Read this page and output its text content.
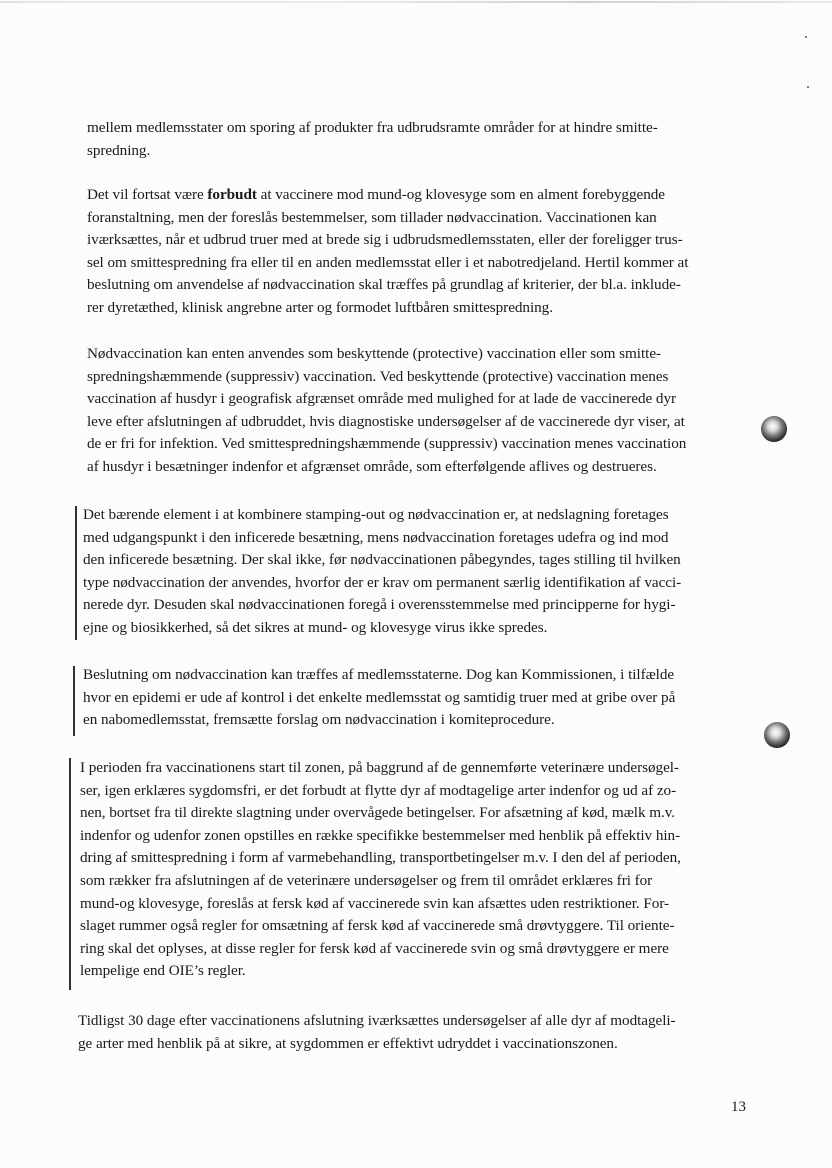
mellem medlemsstater om sporing af produkter fra udbrudsramte områder for at hindre smitte-
spredning.
Det vil fortsat være forbudt at vaccinere mod mund-og klovesyge som en alment forebyggende
foranstaltning, men der foreslås bestemmelser, som tillader nødvaccination. Vaccinationen kan
iværksættes, når et udbrud truer med at brede sig i udbrudsmedlemsstaten, eller der foreligger trus-
sel om smittespredning fra eller til en anden medlemsstat eller i et nabotredjeland. Hertil kommer at
beslutning om anvendelse af nødvaccination skal træffes på grundlag af kriterier, der bl.a. inklude-
rer dyretæthed, klinisk angrebne arter og formodet luftbåren smittespredning.
Nødvaccination kan enten anvendes som beskyttende (protective) vaccination eller som smitte-
spredningshæmmende (suppressiv) vaccination. Ved beskyttende (protective) vaccination menes
vaccination af husdyr i geografisk afgrænset område med mulighed for at lade de vaccinerede dyr
leve efter afslutningen af udbruddet, hvis diagnostiske undersøgelser af de vaccinerede dyr viser, at
de er fri for infektion. Ved smittespredningshæmmende (suppressiv) vaccination menes vaccination
af husdyr i besætninger indenfor et afgrænset område, som efterfølgende aflives og destrueres.
Det bærende element i at kombinere stamping-out og nødvaccination er, at nedslagning foretages
med udgangspunkt i den inficerede besætning, mens nødvaccination foretages udefra og ind mod
den inficerede besætning. Der skal ikke, før nødvaccinationen påbegyndes, tages stilling til hvilken
type nødvaccination der anvendes, hvorfor der er krav om permanent særlig identifikation af vacci-
nerede dyr. Desuden skal nødvaccinationen foregå i overensstemmelse med principperne for hygi-
ejne og biosikkerhed, så det sikres at mund- og klovesyge virus ikke spredes.
Beslutning om nødvaccination kan træffes af medlemsstaterne. Dog kan Kommissionen, i tilfælde
hvor en epidemi er ude af kontrol i det enkelte medlemsstat og samtidig truer med at gribe over på
en nabomedlemsstat, fremsætte forslag om nødvaccination i komiteprocedure.
I perioden fra vaccinationens start til zonen, på baggrund af de gennemførte veterinære undersøgel-
ser, igen erklæres sygdomsfri, er det forbudt at flytte dyr af modtagelige arter indenfor og ud af zo-
nen, bortset fra til direkte slagtning under overvågede betingelser. For afsætning af kød, mælk m.v.
indenfor og udenfor zonen opstilles en række specifikke bestemmelser med henblik på effektiv hin-
dring af smittespredning i form af varmebehandling, transportbetingelser m.v. I den del af perioden,
som rækker fra afslutningen af de veterinære undersøgelser og frem til området erklæres fri for
mund-og klovesyge, foreslås at fersk kød af vaccinerede svin kan afsættes uden restriktioner. For-
slaget rummer også regler for omsætning af fersk kød af vaccinerede små drøvtyggere. Til oriente-
ring skal det oplyses, at disse regler for fersk kød af vaccinerede svin og små drøvtyggere er mere
lempelige end OIE’s regler.
Tidligst 30 dage efter vaccinationens afslutning iværksættes undersøgelser af alle dyr af modtageli-
ge arter med henblik på at sikre, at sygdommen er effektivt udryddet i vaccinationszonen.
13
